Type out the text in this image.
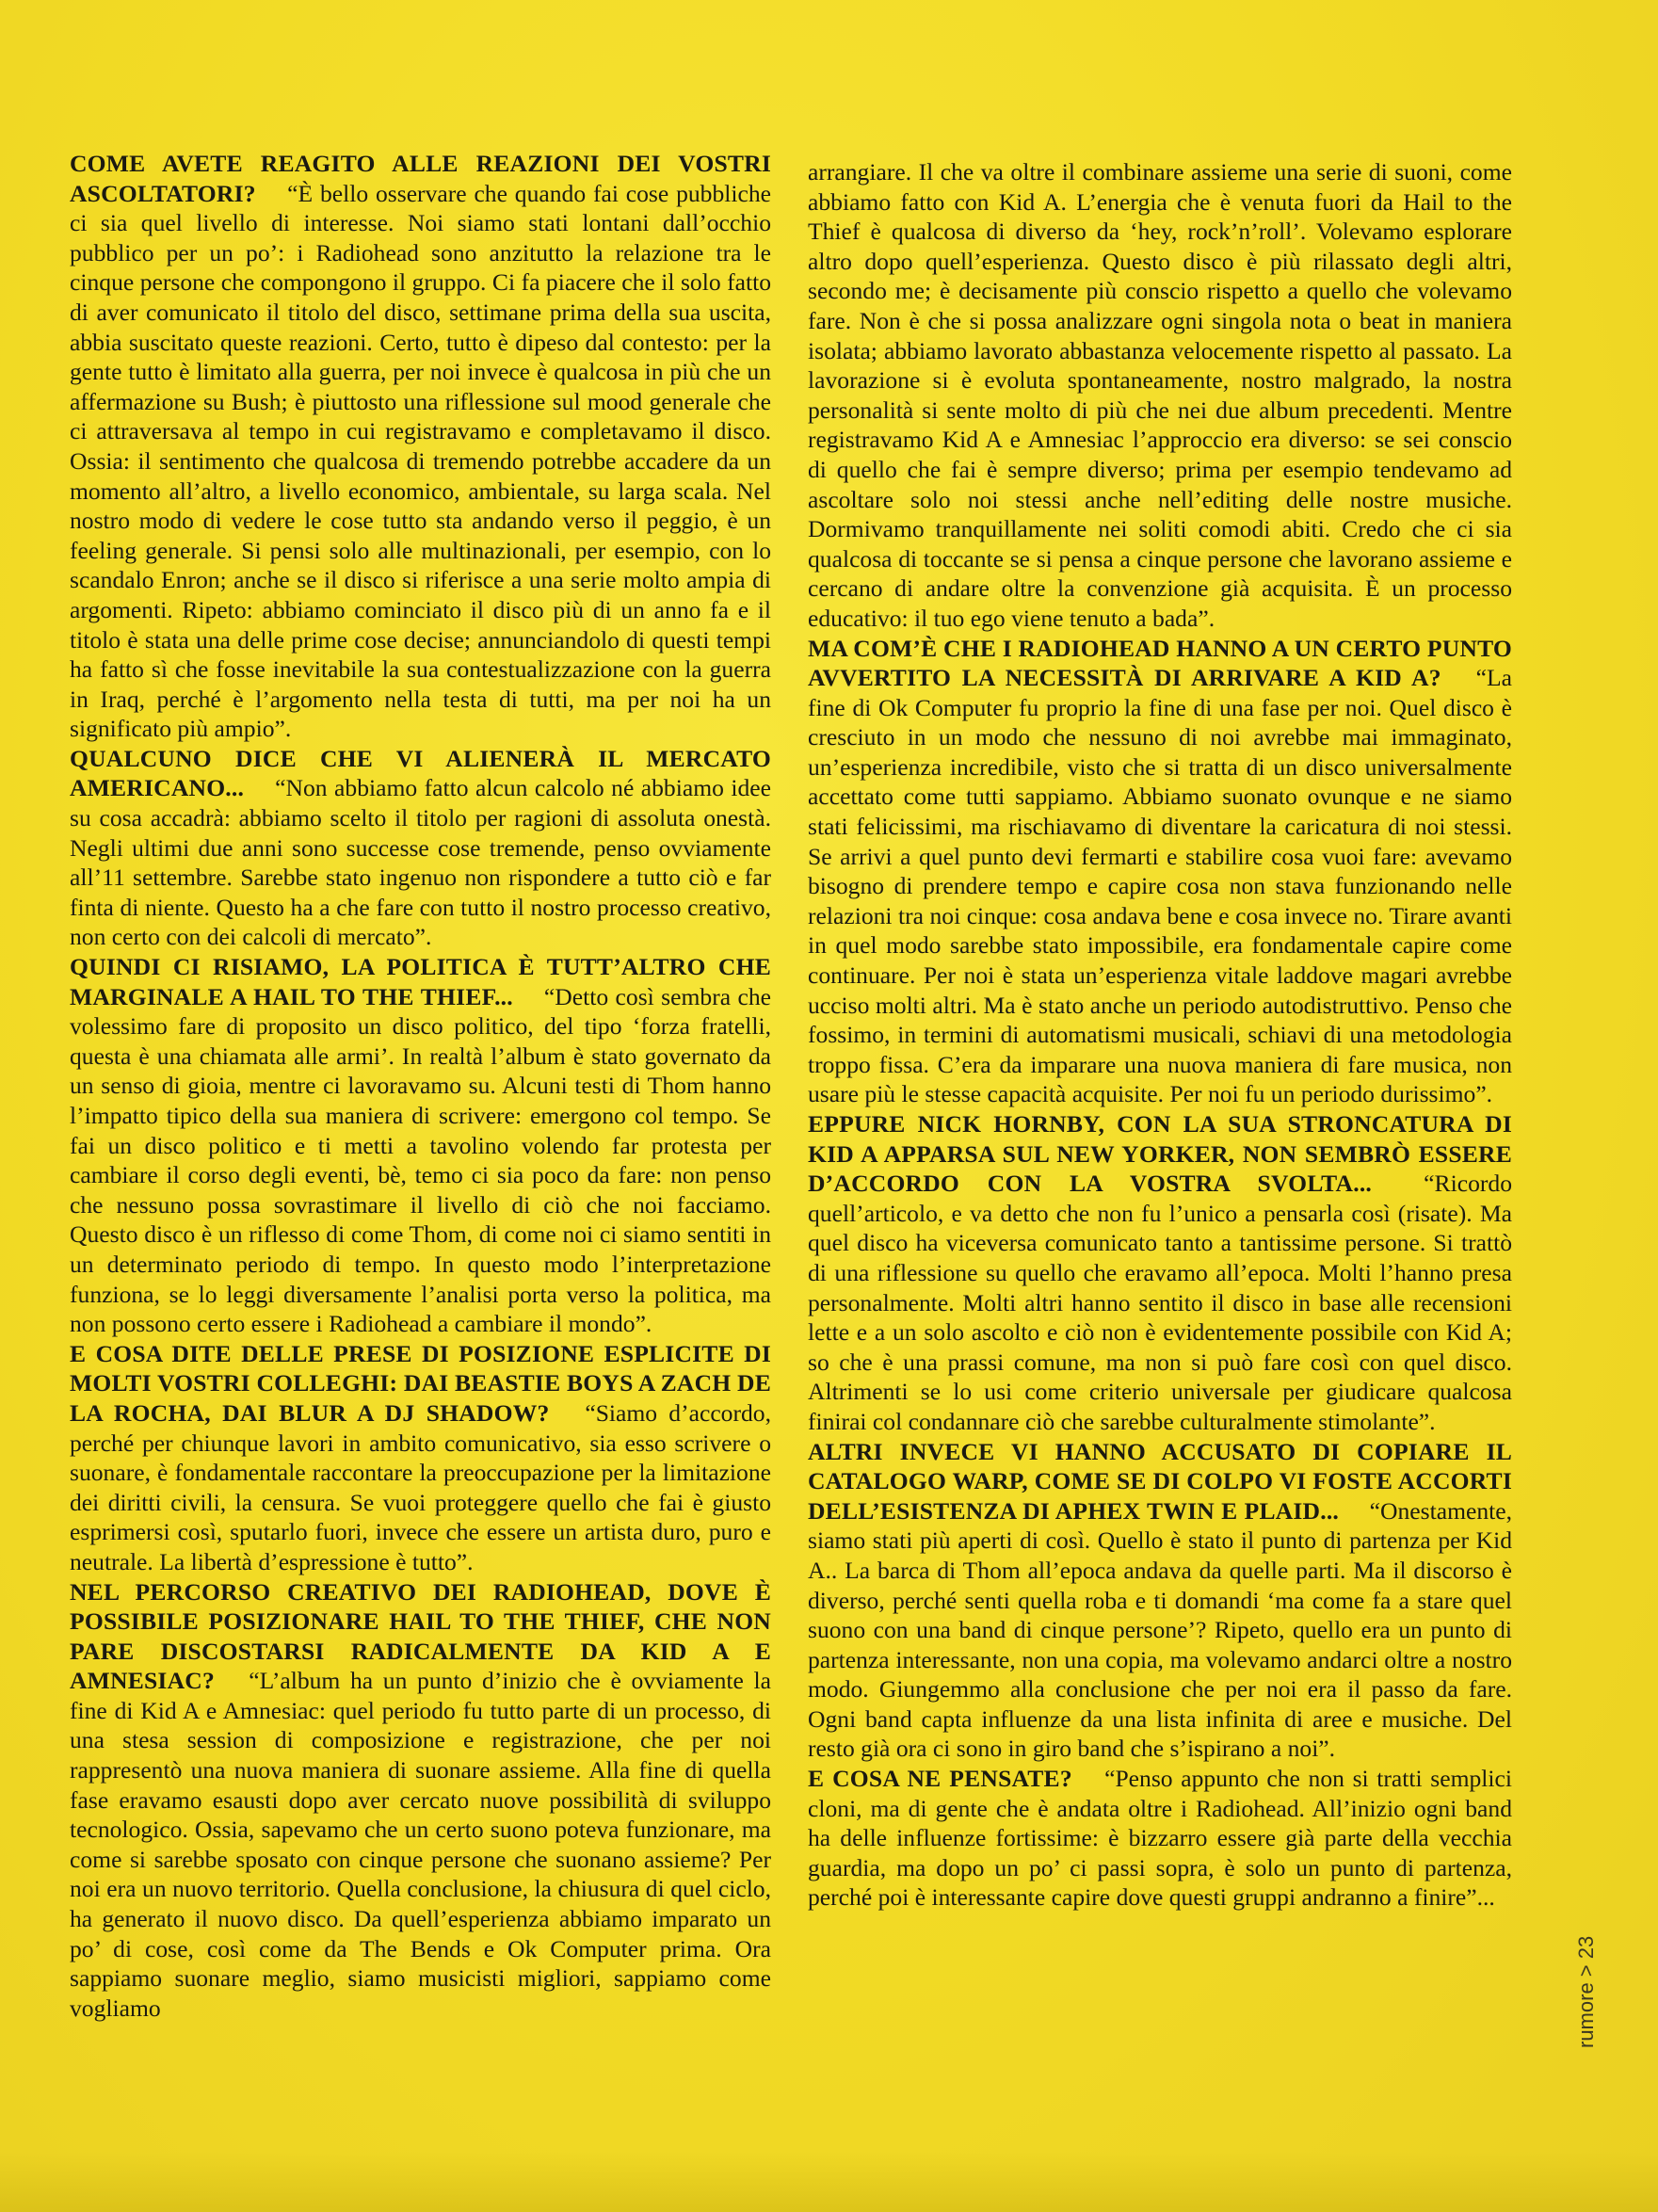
COME AVETE REAGITO ALLE REAZIONI DEI VOSTRI ASCOLTATORI? “È bello osservare che quando fai cose pubbliche ci sia quel livello di interesse. Noi siamo stati lontani dall’occhio pubblico per un po’: i Radiohead sono anzitutto la relazione tra le cinque persone che compongono il gruppo. Ci fa piacere che il solo fatto di aver comunicato il titolo del disco, settimane prima della sua uscita, abbia suscitato queste reazioni. Certo, tutto è dipeso dal contesto: per la gente tutto è limitato alla guerra, per noi invece è qualcosa in più che un affermazione su Bush; è piuttosto una riflessione sul mood generale che ci attraversava al tempo in cui registravamo e completavamo il disco. Ossia: il sentimento che qualcosa di tremendo potrebbe accadere da un momento all’altro, a livello economico, ambientale, su larga scala. Nel nostro modo di vedere le cose tutto sta andando verso il peggio, è un feeling generale. Si pensi solo alle multinazionali, per esempio, con lo scandalo Enron; anche se il disco si riferisce a una serie molto ampia di argomenti. Ripeto: abbiamo cominciato il disco più di un anno fa e il titolo è stata una delle prime cose decise; annunciandolo di questi tempi ha fatto sì che fosse inevitabile la sua contestualizzazione con la guerra in Iraq, perché è l’argomento nella testa di tutti, ma per noi ha un significato più ampio”.

QUALCUNO DICE CHE VI ALIENERÀ IL MERCATO AMERICANO... “Non abbiamo fatto alcun calcolo né abbiamo idee su cosa accadrà: abbiamo scelto il titolo per ragioni di assoluta onestà. Negli ultimi due anni sono successe cose tremende, penso ovviamente all’11 settembre. Sarebbe stato ingenuo non rispondere a tutto ciò e far finta di niente. Questo ha a che fare con tutto il nostro processo creativo, non certo con dei calcoli di mercato”.

QUINDI CI RISIAMO, LA POLITICA È TUTT’ALTRO CHE MARGINALE A HAIL TO THE THIEF... “Detto così sembra che volessimo fare di proposito un disco politico, del tipo ‘forza fratelli, questa è una chiamata alle armi’. In realtà l’album è stato governato da un senso di gioia, mentre ci lavoravamo su. Alcuni testi di Thom hanno l’impatto tipico della sua maniera di scrivere: emergono col tempo. Se fai un disco politico e ti metti a tavolino volendo far protesta per cambiare il corso degli eventi, bè, temo ci sia poco da fare: non penso che nessuno possa sovrastimare il livello di ciò che noi facciamo. Questo disco è un riflesso di come Thom, di come noi ci siamo sentiti in un determinato periodo di tempo. In questo modo l’interpretazione funziona, se lo leggi diversamente l’analisi porta verso la politica, ma non possono certo essere i Radiohead a cambiare il mondo”.

E COSA DITE DELLE PRESE DI POSIZIONE ESPLICITE DI MOLTI VOSTRI COLLEGHI: DAI BEASTIE BOYS A ZACH DE LA ROCHA, DAI BLUR A DJ SHADOW? “Siamo d’accordo, perché per chiunque lavori in ambito comunicativo, sia esso scrivere o suonare, è fondamentale raccontare la preoccupazione per la limitazione dei diritti civili, la censura. Se vuoi proteggere quello che fai è giusto esprimersi così, sputarlo fuori, invece che essere un artista duro, puro e neutrale. La libertà d’espressione è tutto”.

NEL PERCORSO CREATIVO DEI RADIOHEAD, DOVE È POSSIBILE POSIZIONARE HAIL TO THE THIEF, CHE NON PARE DISCOSTARSI RADICALMENTE DA KID A E AMNESIAC? “L’album ha un punto d’inizio che è ovviamente la fine di Kid A e Amnesiac: quel periodo fu tutto parte di un processo, di una stesa session di composizione e registrazione, che per noi rappresentò una nuova maniera di suonare assieme. Alla fine di quella fase eravamo esausti dopo aver cercato nuove possibilità di sviluppo tecnologico. Ossia, sapevamo che un certo suono poteva funzionare, ma come si sarebbe sposato con cinque persone che suonano assieme? Per noi era un nuovo territorio. Quella conclusione, la chiusura di quel ciclo, ha generato il nuovo disco. Da quell’esperienza abbiamo imparato un po’ di cose, così come da The Bends e Ok Computer prima. Ora sappiamo suonare meglio, siamo musicisti migliori, sappiamo come vogliamo

arrangiare. Il che va oltre il combinare assieme una serie di suoni, come abbiamo fatto con Kid A. L’energia che è venuta fuori da Hail to the Thief è qualcosa di diverso da ‘hey, rock’n’roll’. Volevamo esplorare altro dopo quell’esperienza. Questo disco è più rilassato degli altri, secondo me; è decisamente più conscio rispetto a quello che volevamo fare. Non è che si possa analizzare ogni singola nota o beat in maniera isolata; abbiamo lavorato abbastanza velocemente rispetto al passato. La lavorazione si è evoluta spontaneamente, nostro malgrado, la nostra personalità si sente molto di più che nei due album precedenti. Mentre registravamo Kid A e Amnesiac l’approccio era diverso: se sei conscio di quello che fai è sempre diverso; prima per esempio tendevamo ad ascoltare solo noi stessi anche nell’editing delle nostre musiche. Dormivamo tranquillamente nei soliti comodi abiti. Credo che ci sia qualcosa di toccante se si pensa a cinque persone che lavorano assieme e cercano di andare oltre la convenzione già acquisita. È un processo educativo: il tuo ego viene tenuto a bada”.

MA COM’È CHE I RADIOHEAD HANNO A UN CERTO PUNTO AVVERTITO LA NECESSITÀ DI ARRIVARE A KID A? “La fine di Ok Computer fu proprio la fine di una fase per noi. Quel disco è cresciuto in un modo che nessuno di noi avrebbe mai immaginato, un’esperienza incredibile, visto che si tratta di un disco universalmente accettato come tutti sappiamo. Abbiamo suonato ovunque e ne siamo stati felicissimi, ma rischiavamo di diventare la caricatura di noi stessi. Se arrivi a quel punto devi fermarti e stabilire cosa vuoi fare: avevamo bisogno di prendere tempo e capire cosa non stava funzionando nelle relazioni tra noi cinque: cosa andava bene e cosa invece no. Tirare avanti in quel modo sarebbe stato impossibile, era fondamentale capire come continuare. Per noi è stata un’esperienza vitale laddove magari avrebbe ucciso molti altri. Ma è stato anche un periodo autodistruttivo. Penso che fossimo, in termini di automatismi musicali, schiavi di una metodologia troppo fissa. C’era da imparare una nuova maniera di fare musica, non usare più le stesse capacità acquisite. Per noi fu un periodo durissimo”.

EPPURE NICK HORNBY, CON LA SUA STRONCATURA DI KID A APPARSA SUL NEW YORKER, NON SEMBRÒ ESSERE D’ACCORDO CON LA VOSTRA SVOLTA... “Ricordo quell’articolo, e va detto che non fu l’unico a pensarla così (risate). Ma quel disco ha viceversa comunicato tanto a tantissime persone. Si trattò di una riflessione su quello che eravamo all’epoca. Molti l’hanno presa personalmente. Molti altri hanno sentito il disco in base alle recensioni lette e a un solo ascolto e ciò non è evidentemente possibile con Kid A; so che è una prassi comune, ma non si può fare così con quel disco. Altrimenti se lo usi come criterio universale per giudicare qualcosa finirai col condannare ciò che sarebbe culturalmente stimolante”.

ALTRI INVECE VI HANNO ACCUSATO DI COPIARE IL CATALOGO WARP, COME SE DI COLPO VI FOSTE ACCORTI DELL’ESISTENZA DI APHEX TWIN E PLAID... “Onestamente, siamo stati più aperti di così. Quello è stato il punto di partenza per Kid A.. La barca di Thom all’epoca andava da quelle parti. Ma il discorso è diverso, perché senti quella roba e ti domandi ‘ma come fa a stare quel suono con una band di cinque persone’? Ripeto, quello era un punto di partenza interessante, non una copia, ma volevamo andarci oltre a nostro modo. Giungemmo alla conclusione che per noi era il passo da fare. Ogni band capta influenze da una lista infinita di aree e musiche. Del resto già ora ci sono in giro band che s’ispirano a noi”.

E COSA NE PENSATE? “Penso appunto che non si tratti semplici cloni, ma di gente che è andata oltre i Radiohead. All’inizio ogni band ha delle influenze fortissime: è bizzarro essere già parte della vecchia guardia, ma dopo un po’ ci passi sopra, è solo un punto di partenza, perché poi è interessante capire dove questi gruppi andranno a finire”...

rumore > 23
